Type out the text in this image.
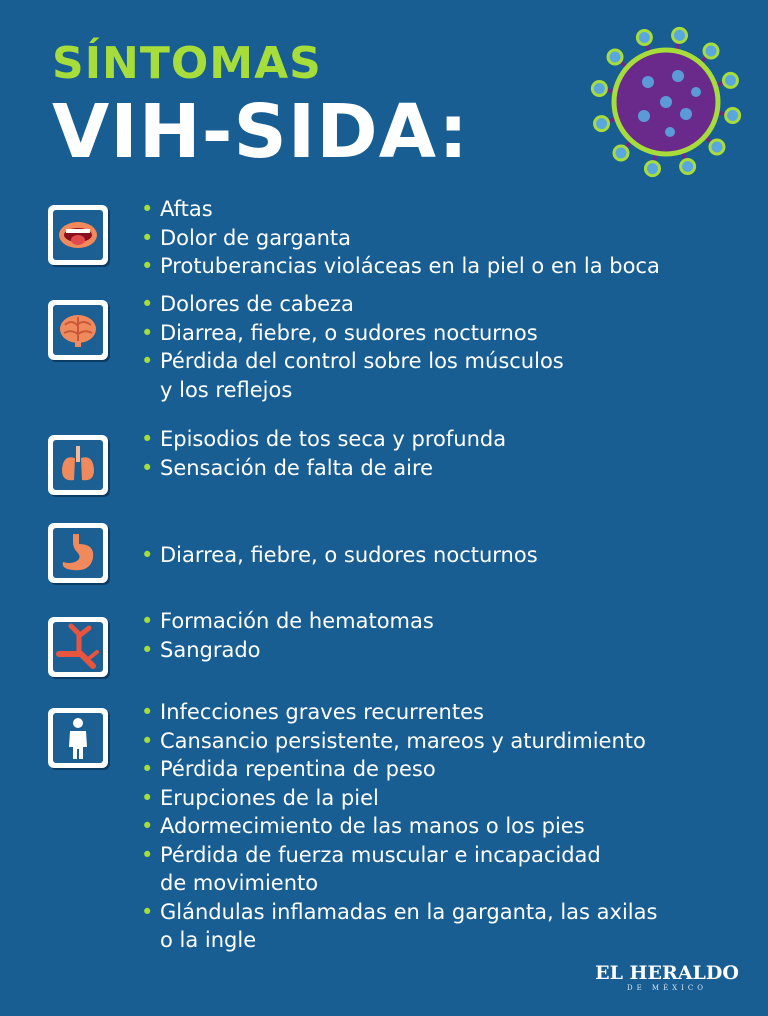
SÍNTOMAS
VIH-SIDA:
• Aftas
• Dolor de garganta
• Protuberancias violáceas en la piel o en la boca
• Dolores de cabeza
• Diarrea, fiebre, o sudores nocturnos
• Pérdida del control sobre los músculos
y los reflejos
• Episodios de tos seca y profunda
• Sensación de falta de aire
• Diarrea, fiebre, o sudores nocturnos
• Formación de hematomas
• Sangrado
• Infecciones graves recurrentes
• Cansancio persistente, mareos y aturdimiento
• Pérdida repentina de peso
• Erupciones de la piel
• Adormecimiento de las manos o los pies
• Pérdida de fuerza muscular e incapacidad
de movimiento
• Glándulas inflamadas en la garganta, las axilas
o la ingle
EL HERALDO
DE MÉXICO
